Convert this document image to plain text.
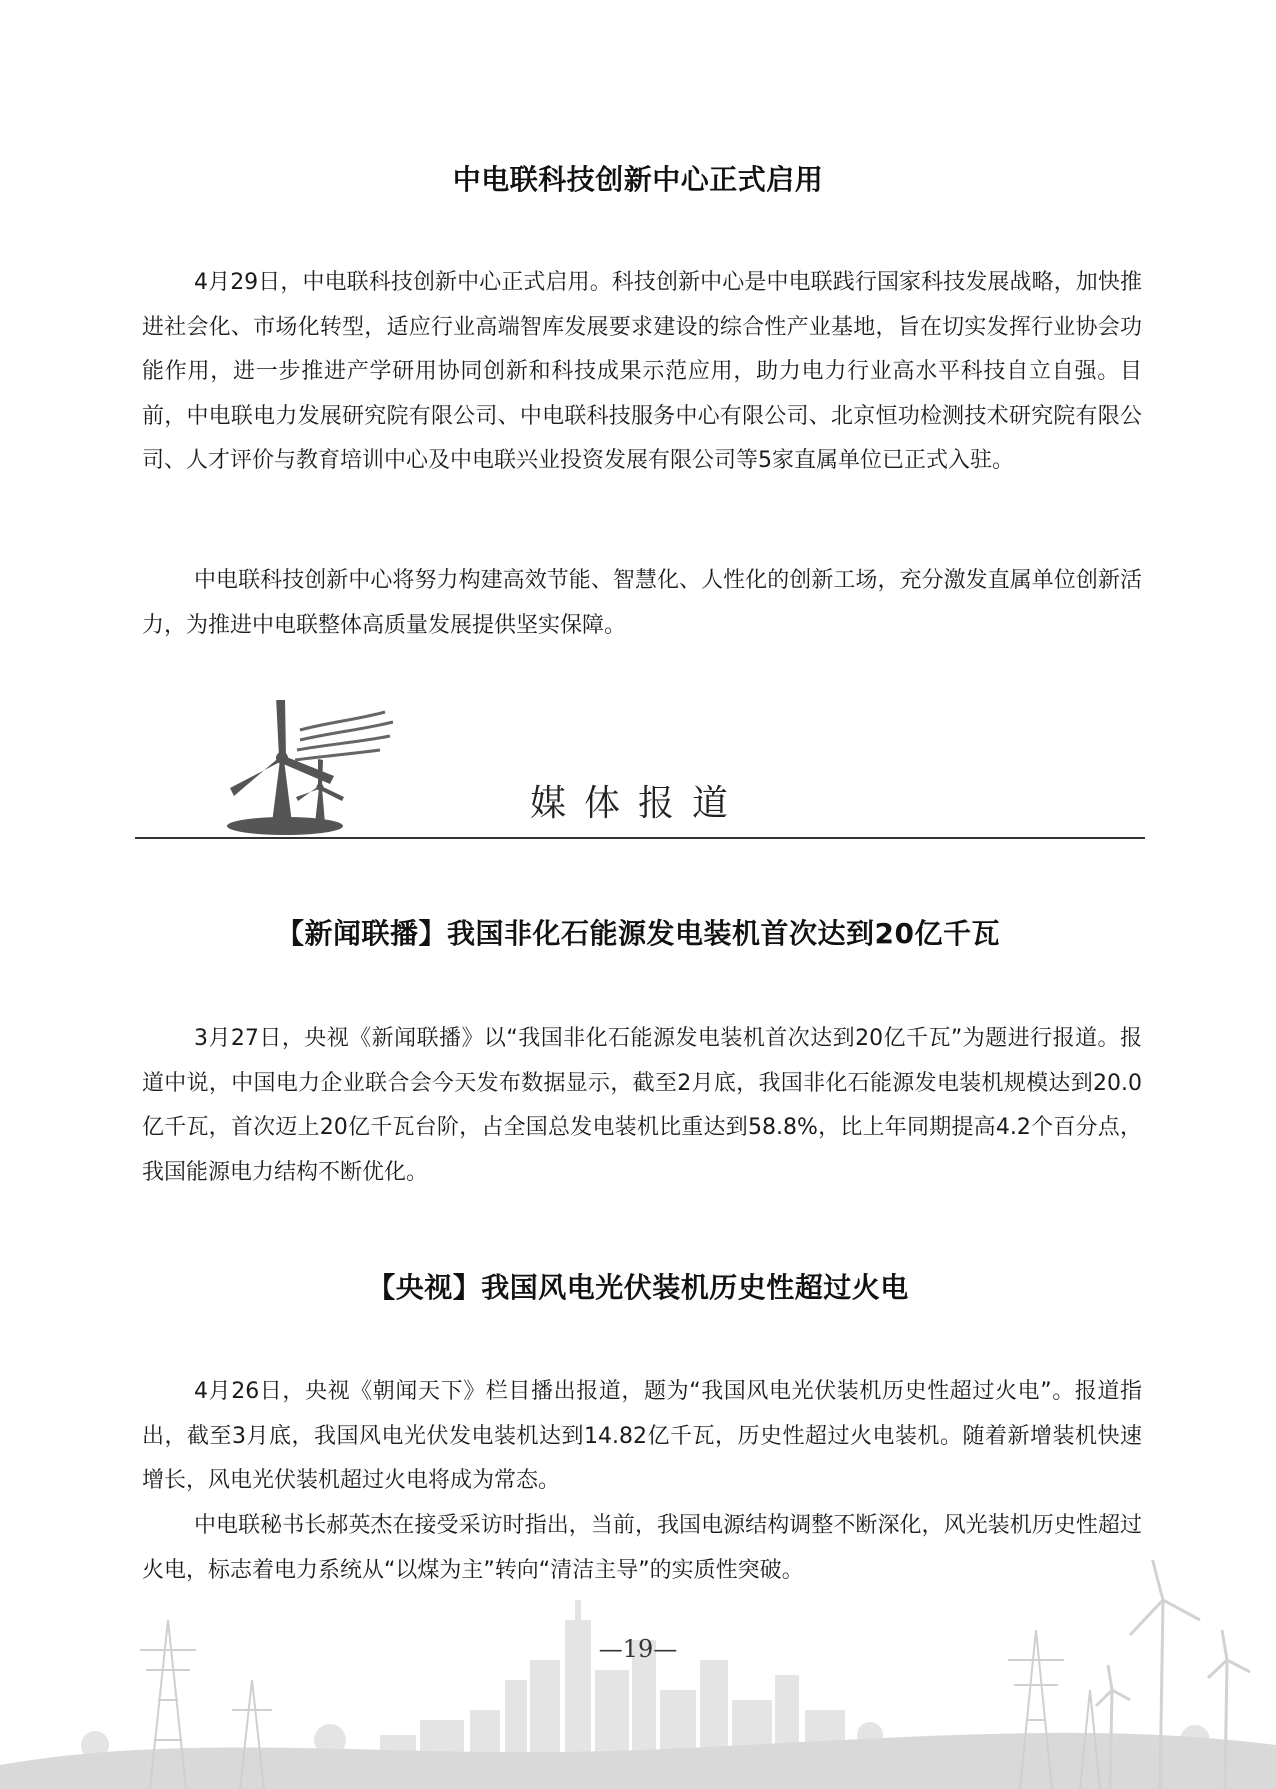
中电联科技创新中心正式启用

4月29日，中电联科技创新中心正式启用。科技创新中心是中电联践行国家科技发展战略，加快推进社会化、市场化转型，适应行业高端智库发展要求建设的综合性产业基地，旨在切实发挥行业协会功能作用，进一步推进产学研用协同创新和科技成果示范应用，助力电力行业高水平科技自立自强。目前，中电联电力发展研究院有限公司、中电联科技服务中心有限公司、北京恒功检测技术研究院有限公司、人才评价与教育培训中心及中电联兴业投资发展有限公司等5家直属单位已正式入驻。

中电联科技创新中心将努力构建高效节能、智慧化、人性化的创新工场，充分激发直属单位创新活力，为推进中电联整体高质量发展提供坚实保障。

媒体报道
【新闻联播】我国非化石能源发电装机首次达到20亿千瓦

3月27日，央视《新闻联播》以“我国非化石能源发电装机首次达到20亿千瓦”为题进行报道。报道中说，中国电力企业联合会今天发布数据显示，截至2月底，我国非化石能源发电装机规模达到20.0亿千瓦，首次迈上20亿千瓦台阶，占全国总发电装机比重达到58.8%，比上年同期提高4.2个百分点，我国能源电力结构不断优化。

【央视】我国风电光伏装机历史性超过火电

4月26日，央视《朝闻天下》栏目播出报道，题为“我国风电光伏装机历史性超过火电”。报道指出，截至3月底，我国风电光伏发电装机达到14.82亿千瓦，历史性超过火电装机。随着新增装机快速增长，风电光伏装机超过火电将成为常态。

中电联秘书长郝英杰在接受采访时指出，当前，我国电源结构调整不断深化，风光装机历史性超过火电，标志着电力系统从“以煤为主”转向“清洁主导”的实质性突破。

—19—
